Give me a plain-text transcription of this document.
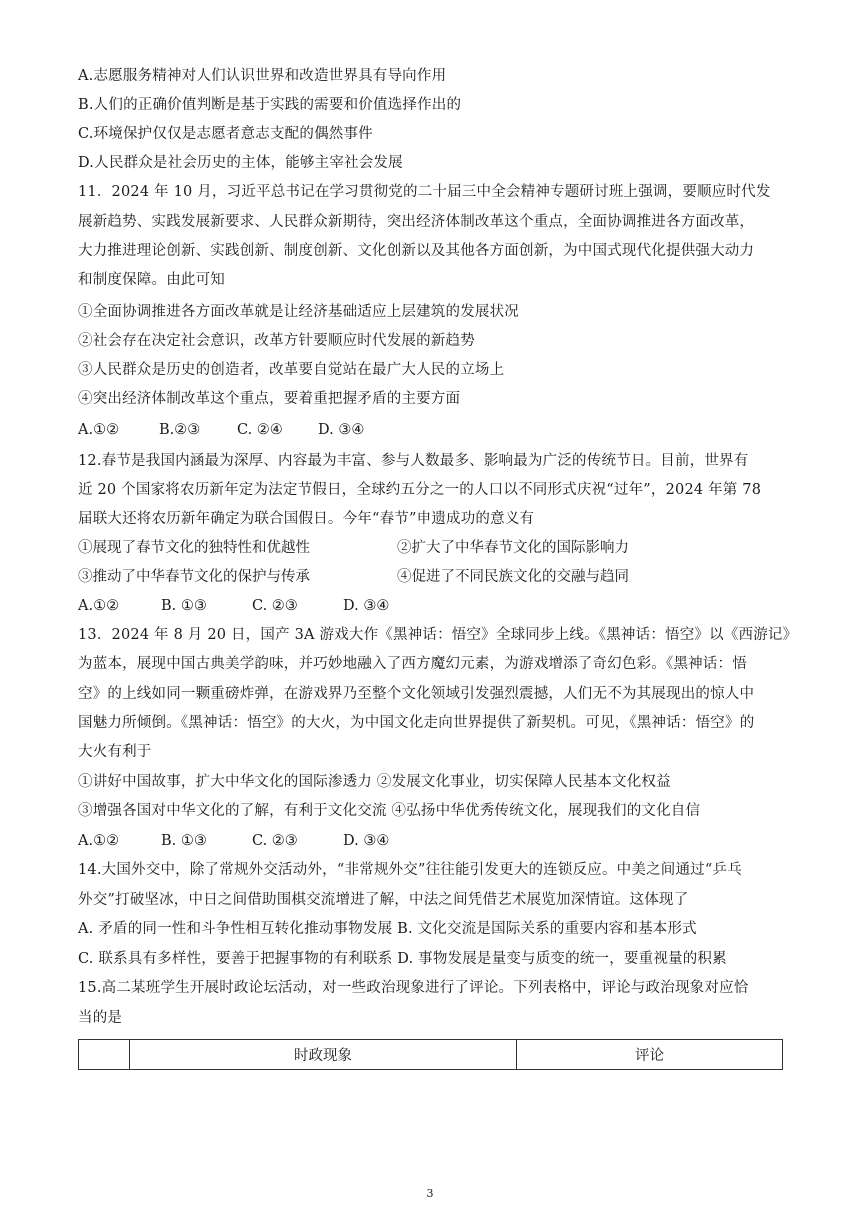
A.志愿服务精神对人们认识世界和改造世界具有导向作用
B.人们的正确价值判断是基于实践的需要和价值选择作出的
C.环境保护仅仅是志愿者意志支配的偶然事件
D.人民群众是社会历史的主体，能够主宰社会发展
11．2024 年 10 月，习近平总书记在学习贯彻党的二十届三中全会精神专题研讨班上强调，要顺应时代发
展新趋势、实践发展新要求、人民群众新期待，突出经济体制改革这个重点，全面协调推进各方面改革，
大力推进理论创新、实践创新、制度创新、文化创新以及其他各方面创新，为中国式现代化提供强大动力
和制度保障。由此可知
①全面协调推进各方面改革就是让经济基础适应上层建筑的发展状况
②社会存在决定社会意识，改革方针要顺应时代发展的新趋势
③人民群众是历史的创造者，改革要自觉站在最广大人民的立场上
④突出经济体制改革这个重点，要着重把握矛盾的主要方面
A.①②	B.②③	C. ②④ D. ③④
12.春节是我国内涵最为深厚、内容最为丰富、参与人数最多、影响最为广泛的传统节日。目前，世界有
近 20 个国家将农历新年定为法定节假日，全球约五分之一的人口以不同形式庆祝“过年”，2024 年第 78
届联大还将农历新年确定为联合国假日。今年“春节”申遗成功的意义有
①展现了春节文化的独特性和优越性	②扩大了中华春节文化的国际影响力
③推动了中华春节文化的保护与传承	④促进了不同民族文化的交融与趋同
A.①②	B. ①③	C. ②③	D. ③④
13．2024 年 8 月 20 日，国产 3A 游戏大作《黑神话：悟空》全球同步上线。《黑神话：悟空》以《西游记》
为蓝本，展现中国古典美学韵味，并巧妙地融入了西方魔幻元素，为游戏增添了奇幻色彩。《黑神话：悟
空》的上线如同一颗重磅炸弹，在游戏界乃至整个文化领域引发强烈震撼，人们无不为其展现出的惊人中
国魅力所倾倒。《黑神话：悟空》的大火，为中国文化走向世界提供了新契机。可见，《黑神话：悟空》的
大火有利于
①讲好中国故事，扩大中华文化的国际渗透力 ②发展文化事业，切实保障人民基本文化权益
③增强各国对中华文化的了解，有利于文化交流 ④弘扬中华优秀传统文化，展现我们的文化自信
A.①②	B. ①③	C. ②③	D. ③④
14.大国外交中，除了常规外交活动外，“非常规外交”往往能引发更大的连锁反应。中美之间通过“乒乓
外交”打破坚冰，中日之间借助围棋交流增进了解，中法之间凭借艺术展览加深情谊。这体现了
A. 矛盾的同一性和斗争性相互转化推动事物发展 B. 文化交流是国际关系的重要内容和基本形式
C. 联系具有多样性，要善于把握事物的有利联系 D. 事物发展是量变与质变的统一，要重视量的积累
15.高二某班学生开展时政论坛活动，对一些政治现象进行了评论。下列表格中，评论与政治现象对应恰
当的是
	时政现象	评论
3
